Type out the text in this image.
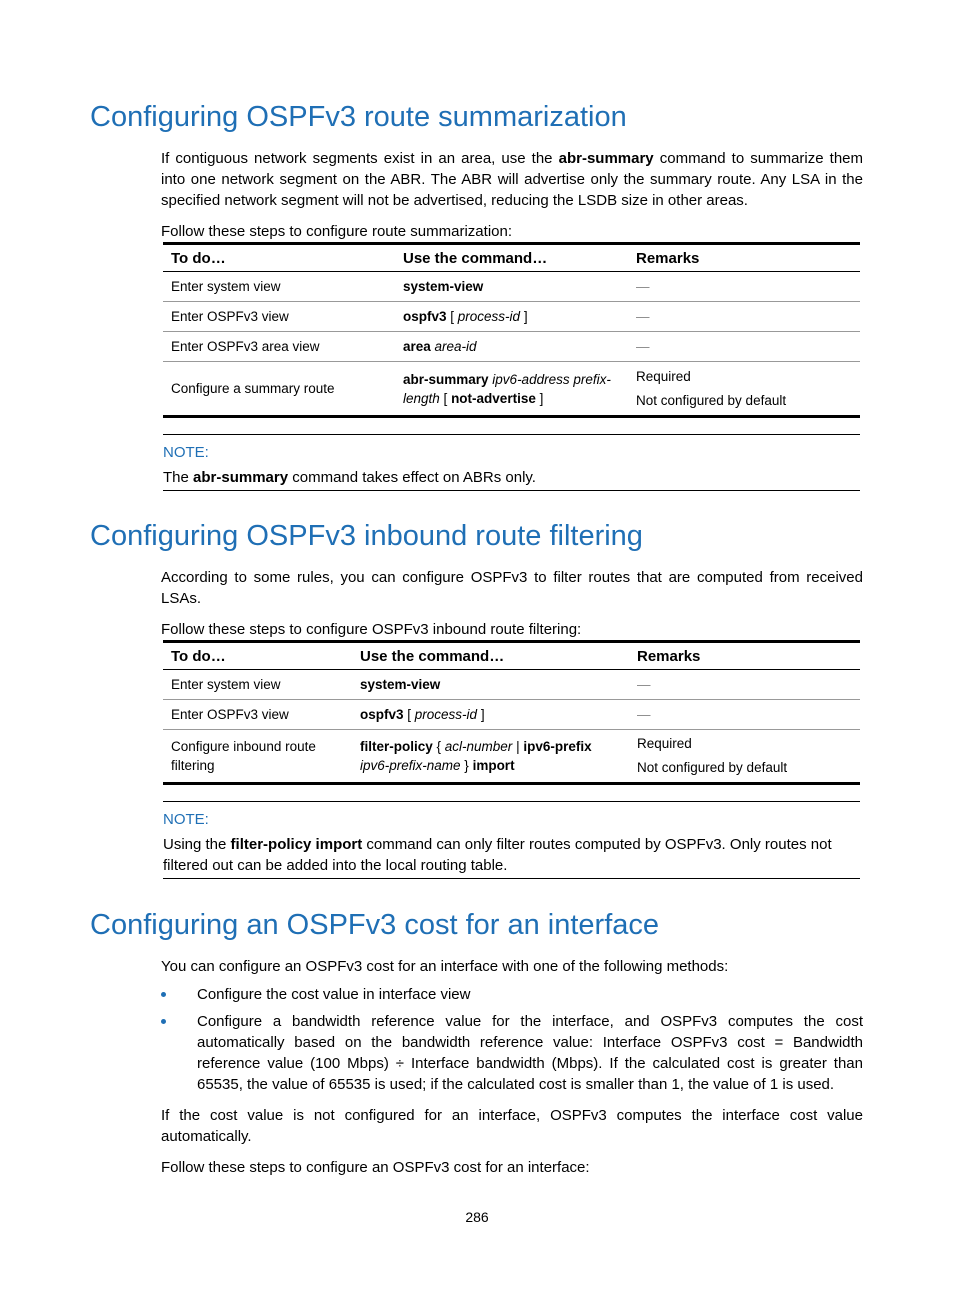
Configuring OSPFv3 route summarization

If contiguous network segments exist in an area, use the abr-summary command to summarize them into one network segment on the ABR. The ABR will advertise only the summary route. Any LSA in the specified network segment will not be advertised, reducing the LSDB size in other areas.

Follow these steps to configure route summarization:

To do…	Use the command…	Remarks
Enter system view	system-view	—
Enter OSPFv3 view	ospfv3 [ process-id ]	—
Enter OSPFv3 area view	area area-id	—
Configure a summary route	abr-summary ipv6-address prefix-length [ not-advertise ]	Required
Not configured by default
NOTE:
The abr-summary command takes effect on ABRs only.
Configuring OSPFv3 inbound route filtering

According to some rules, you can configure OSPFv3 to filter routes that are computed from received LSAs.

Follow these steps to configure OSPFv3 inbound route filtering:

To do…	Use the command…	Remarks
Enter system view	system-view	—
Enter OSPFv3 view	ospfv3 [ process-id ]	—
Configure inbound route filtering	filter-policy { acl-number | ipv6-prefix ipv6-prefix-name } import	Required
Not configured by default
NOTE:
Using the filter-policy import command can only filter routes computed by OSPFv3. Only routes not filtered out can be added into the local routing table.
Configuring an OSPFv3 cost for an interface

You can configure an OSPFv3 cost for an interface with one of the following methods:

Configure the cost value in interface view
Configure a bandwidth reference value for the interface, and OSPFv3 computes the cost automatically based on the bandwidth reference value: Interface OSPFv3 cost = Bandwidth reference value (100 Mbps) ÷ Interface bandwidth (Mbps). If the calculated cost is greater than 65535, the value of 65535 is used; if the calculated cost is smaller than 1, the value of 1 is used.

If the cost value is not configured for an interface, OSPFv3 computes the interface cost value automatically.

Follow these steps to configure an OSPFv3 cost for an interface:

286
